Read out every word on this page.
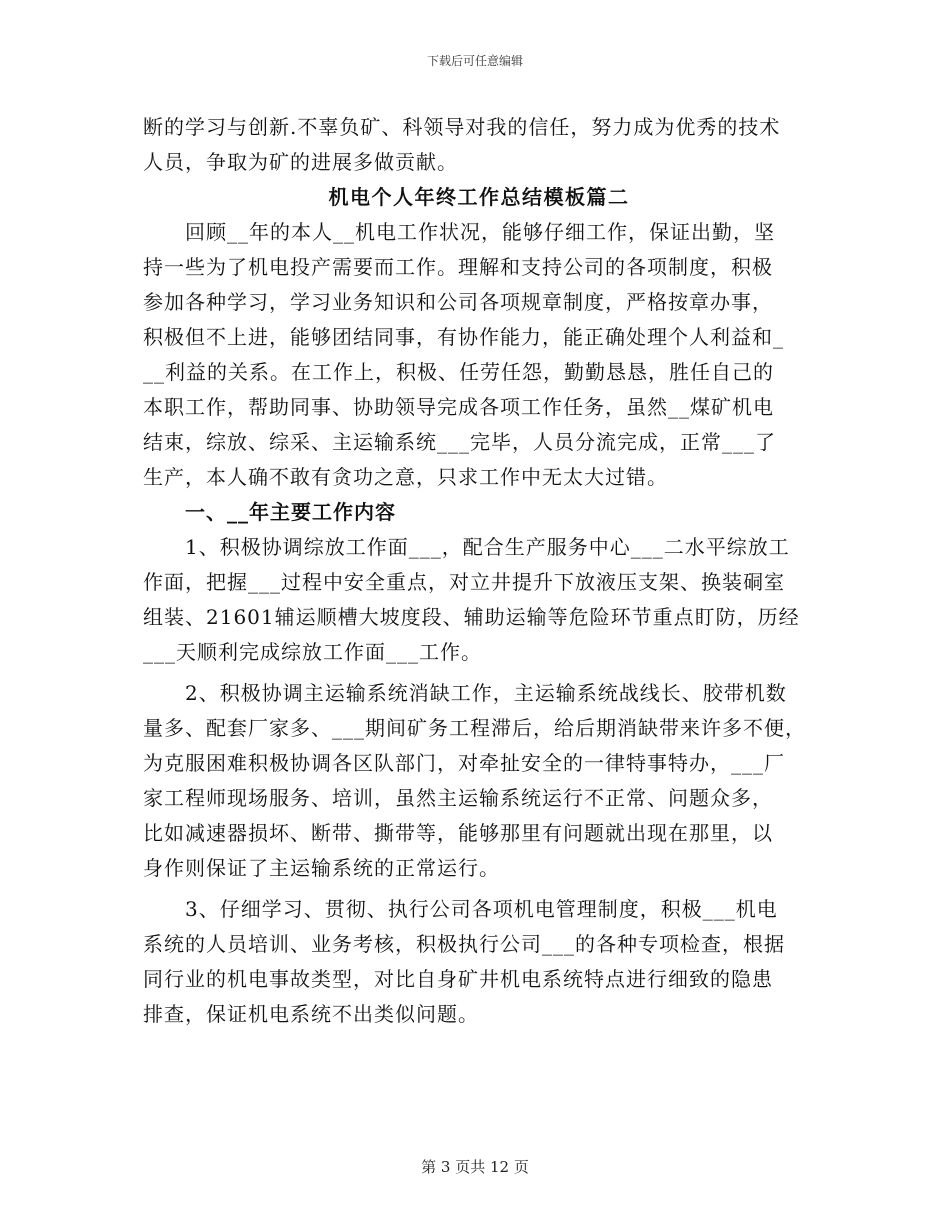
下载后可任意编辑
断的学习与创新.不辜负矿、科领导对我的信任，努力成为优秀的技术
人员，争取为矿的进展多做贡献。
机电个人年终工作总结模板篇二
回顾__年的本人__机电工作状况，能够仔细工作，保证出勤，坚
持一些为了机电投产需要而工作。理解和支持公司的各项制度，积极
参加各种学习，学习业务知识和公司各项规章制度，严格按章办事，
积极但不上进，能够团结同事，有协作能力，能正确处理个人利益和_
__利益的关系。在工作上，积极、任劳任怨，勤勤恳恳，胜任自己的
本职工作，帮助同事、协助领导完成各项工作任务，虽然__煤矿机电
结束，综放、综采、主运输系统___完毕，人员分流完成，正常___了
生产，本人确不敢有贪功之意，只求工作中无太大过错。
一、__年主要工作内容
1、积极协调综放工作面___，配合生产服务中心___二水平综放工
作面，把握___过程中安全重点，对立井提升下放液压支架、换装硐室
组装、21601辅运顺槽大坡度段、辅助运输等危险环节重点盯防，历经
___天顺利完成综放工作面___工作。
2、积极协调主运输系统消缺工作，主运输系统战线长、胶带机数
量多、配套厂家多、___期间矿务工程滞后，给后期消缺带来许多不便，
为克服困难积极协调各区队部门，对牵扯安全的一律特事特办，___厂
家工程师现场服务、培训，虽然主运输系统运行不正常、问题众多，
比如减速器损坏、断带、撕带等，能够那里有问题就出现在那里，以
身作则保证了主运输系统的正常运行。
3、仔细学习、贯彻、执行公司各项机电管理制度，积极___机电
系统的人员培训、业务考核，积极执行公司___的各种专项检查，根据
同行业的机电事故类型，对比自身矿井机电系统特点进行细致的隐患
排查，保证机电系统不出类似问题。
第 3 页共 12 页
